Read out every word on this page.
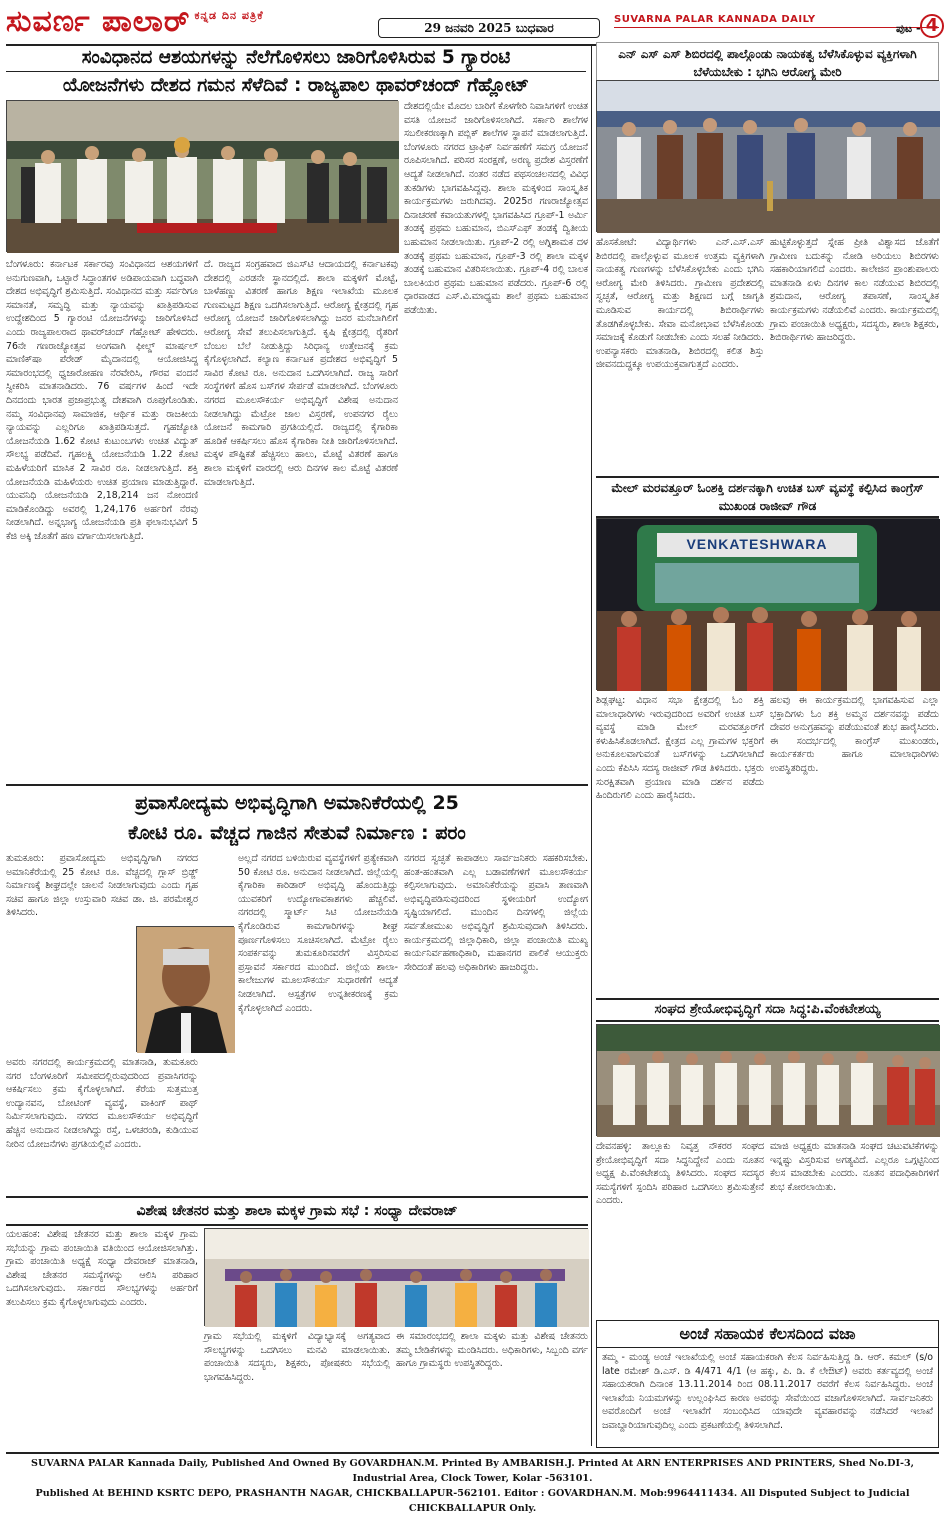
ಸುವರ್ಣ ಪಾಲಾರ್ $^{ಕನ್ನಡ ದಿನ ಪತ್ರಿಕೆ}$
29 ಜನವರಿ 2025 ಬುಧವಾರ
SUVARNA PALAR KANNADA DAILY
ಪುಟ - 4
ಸಂವಿಧಾನದ ಆಶಯಗಳನ್ನು ನೆಲೆಗೊಳಿಸಲು ಜಾರಿಗೊಳಿಸಿರುವ 5 ಗ್ಯಾರಂಟಿ
ಯೋಜನೆಗಳು ದೇಶದ ಗಮನ ಸೆಳೆದಿವೆ : ರಾಜ್ಯಪಾಲ ಥಾವರ್‌ಚಂದ್ ಗೆಹ್ಲೋಟ್
ಬೆಂಗಳೂರು: ಕರ್ನಾಟಕ ಸರ್ಕಾರವು ಸಂವಿಧಾನದ ಆಶಯಗಳಿಗೆ ಅನುಗುಣವಾಗಿ, ಒಟ್ಟಾರೆ ಸಿದ್ಧಾಂತಗಳ ಅಡಿಪಾಯವಾಗಿ ಬದ್ಧವಾಗಿ ದೇಶದ ಅಭಿವೃದ್ಧಿಗೆ ಶ್ರಮಿಸುತ್ತಿದೆ. ಸಂವಿಧಾನದ ಮತ್ತು ಸರ್ವರಿಗೂ ಸಮಾನತೆ, ಸಮೃದ್ಧಿ ಮತ್ತು ನ್ಯಾಯವನ್ನು ಖಾತ್ರಿಪಡಿಸುವ ಉದ್ದೇಶದಿಂದ 5 ಗ್ಯಾರಂಟಿ ಯೋಜನೆಗಳನ್ನು ಜಾರಿಗೊಳಿಸಿದೆ ಎಂದು ರಾಜ್ಯಪಾಲರಾದ ಥಾವರ್‌ಚಂದ್ ಗೆಹ್ಲೋಟ್ ಹೇಳಿದರು. 76ನೇ ಗಣರಾಜ್ಯೋತ್ಸವ ಅಂಗವಾಗಿ ಫೀಲ್ಡ್ ಮಾರ್ಷಲ್ ಮಾಣಿಕ್‌ಷಾ ಪೆರೇಡ್ ಮೈದಾನದಲ್ಲಿ ಆಯೋಜಿಸಿದ್ದ ಸಮಾರಂಭದಲ್ಲಿ ಧ್ವಜಾರೋಹಣ ನೆರವೇರಿಸಿ, ಗೌರವ ವಂದನೆ ಸ್ವೀಕರಿಸಿ ಮಾತನಾಡಿದರು. 76 ವರ್ಷಗಳ ಹಿಂದೆ ಇದೇ ದಿನದಂದು ಭಾರತ ಪ್ರಜಾಪ್ರಭುತ್ವ ದೇಶವಾಗಿ ರೂಪುಗೊಂಡಿತು. ನಮ್ಮ ಸಂವಿಧಾನವು ಸಾಮಾಜಿಕ, ಆರ್ಥಿಕ ಮತ್ತು ರಾಜಕೀಯ ನ್ಯಾಯವನ್ನು ಎಲ್ಲರಿಗೂ ಖಾತ್ರಿಪಡಿಸುತ್ತದೆ. ಗೃಹಜ್ಯೋತಿ ಯೋಜನೆಯಡಿ 1.62 ಕೋಟಿ ಕುಟುಂಬಗಳು ಉಚಿತ ವಿದ್ಯುತ್ ಸೌಲಭ್ಯ ಪಡೆದಿವೆ. ಗೃಹಲಕ್ಷ್ಮಿ ಯೋಜನೆಯಡಿ 1.22 ಕೋಟಿ ಮಹಿಳೆಯರಿಗೆ ಮಾಸಿಕ 2 ಸಾವಿರ ರೂ. ನೀಡಲಾಗುತ್ತಿದೆ. ಶಕ್ತಿ ಯೋಜನೆಯಡಿ ಮಹಿಳೆಯರು ಉಚಿತ ಪ್ರಯಾಣ ಮಾಡುತ್ತಿದ್ದಾರೆ. ಯುವನಿಧಿ ಯೋಜನೆಯಡಿ 2,18,214 ಜನ ನೋಂದಣಿ ಮಾಡಿಕೊಂಡಿದ್ದು ಅವರಲ್ಲಿ 1,24,176 ಅರ್ಹರಿಗೆ ನೆರವು ನೀಡಲಾಗಿದೆ. ಅನ್ನಭಾಗ್ಯ ಯೋಜನೆಯಡಿ ಪ್ರತಿ ಫಲಾನುಭವಿಗೆ 5 ಕೆಜಿ ಅಕ್ಕಿ ಜೊತೆಗೆ ಹಣ ವರ್ಗಾಯಿಸಲಾಗುತ್ತಿದೆ.
ದೆ. ರಾಜ್ಯದ ಸಂಗ್ರಹವಾದ ಜಿಎಸ್‌ಟಿ ಆದಾಯದಲ್ಲಿ ಕರ್ನಾಟಕವು ದೇಶದಲ್ಲಿ ಎರಡನೇ ಸ್ಥಾನದಲ್ಲಿದೆ. ಶಾಲಾ ಮಕ್ಕಳಿಗೆ ಮೊಟ್ಟೆ, ಬಾಳೆಹಣ್ಣು ವಿತರಣೆ ಹಾಗೂ ಶಿಕ್ಷಣ ಇಲಾಖೆಯ ಮೂಲಕ ಗುಣಮಟ್ಟದ ಶಿಕ್ಷಣ ಒದಗಿಸಲಾಗುತ್ತಿದೆ. ಆರೋಗ್ಯ ಕ್ಷೇತ್ರದಲ್ಲಿ ಗೃಹ ಆರೋಗ್ಯ ಯೋಜನೆ ಜಾರಿಗೊಳಿಸಲಾಗಿದ್ದು ಜನರ ಮನೆಬಾಗಿಲಿಗೆ ಆರೋಗ್ಯ ಸೇವೆ ತಲುಪಿಸಲಾಗುತ್ತಿದೆ. ಕೃಷಿ ಕ್ಷೇತ್ರದಲ್ಲಿ ರೈತರಿಗೆ ಬೆಂಬಲ ಬೆಲೆ ನೀಡುತ್ತಿದ್ದು ಸಿರಿಧಾನ್ಯ ಉತ್ತೇಜನಕ್ಕೆ ಕ್ರಮ ಕೈಗೊಳ್ಳಲಾಗಿದೆ. ಕಲ್ಯಾಣ ಕರ್ನಾಟಕ ಪ್ರದೇಶದ ಅಭಿವೃದ್ಧಿಗೆ 5 ಸಾವಿರ ಕೋಟಿ ರೂ. ಅನುದಾನ ಒದಗಿಸಲಾಗಿದೆ. ರಾಜ್ಯ ಸಾರಿಗೆ ಸಂಸ್ಥೆಗಳಿಗೆ ಹೊಸ ಬಸ್‌ಗಳ ಸೇರ್ಪಡೆ ಮಾಡಲಾಗಿದೆ. ಬೆಂಗಳೂರು ನಗರದ ಮೂಲಸೌಕರ್ಯ ಅಭಿವೃದ್ಧಿಗೆ ವಿಶೇಷ ಅನುದಾನ ನೀಡಲಾಗಿದ್ದು ಮೆಟ್ರೋ ಜಾಲ ವಿಸ್ತರಣೆ, ಉಪನಗರ ರೈಲು ಯೋಜನೆ ಕಾಮಗಾರಿ ಪ್ರಗತಿಯಲ್ಲಿದೆ. ರಾಜ್ಯದಲ್ಲಿ ಕೈಗಾರಿಕಾ ಹೂಡಿಕೆ ಆಕರ್ಷಿಸಲು ಹೊಸ ಕೈಗಾರಿಕಾ ನೀತಿ ಜಾರಿಗೊಳಿಸಲಾಗಿದೆ. ಮಕ್ಕಳ ಪೌಷ್ಟಿಕತೆ ಹೆಚ್ಚಿಸಲು ಹಾಲು, ಮೊಟ್ಟೆ ವಿತರಣೆ ಹಾಗೂ ಶಾಲಾ ಮಕ್ಕಳಿಗೆ ವಾರದಲ್ಲಿ ಆರು ದಿನಗಳ ಕಾಲ ಮೊಟ್ಟೆ ವಿತರಣೆ ಮಾಡಲಾಗುತ್ತಿದೆ.
ದೇಶದಲ್ಲಿಯೇ ಮೊದಲ ಬಾರಿಗೆ ಕೊಳಗೇರಿ ನಿವಾಸಿಗಳಿಗೆ ಉಚಿತ ವಸತಿ ಯೋಜನೆ ಜಾರಿಗೊಳಿಸಲಾಗಿದೆ. ಸರ್ಕಾರಿ ಶಾಲೆಗಳ ಸಬಲೀಕರಣಕ್ಕಾಗಿ ಪಬ್ಲಿಕ್ ಶಾಲೆಗಳ ಸ್ಥಾಪನೆ ಮಾಡಲಾಗುತ್ತಿದೆ. ಬೆಂಗಳೂರು ನಗರದ ಟ್ರಾಫಿಕ್ ನಿರ್ವಹಣೆಗೆ ಸಮಗ್ರ ಯೋಜನೆ ರೂಪಿಸಲಾಗಿದೆ. ಪರಿಸರ ಸಂರಕ್ಷಣೆ, ಅರಣ್ಯ ಪ್ರದೇಶ ವಿಸ್ತರಣೆಗೆ ಆದ್ಯತೆ ನೀಡಲಾಗಿದೆ. ನಂತರ ನಡೆದ ಪಥಸಂಚಲನದಲ್ಲಿ ವಿವಿಧ ತುಕಡಿಗಳು ಭಾಗವಹಿಸಿದ್ದವು. ಶಾಲಾ ಮಕ್ಕಳಿಂದ ಸಾಂಸ್ಕೃತಿಕ ಕಾರ್ಯಕ್ರಮಗಳು ಜರುಗಿದವು. 2025ರ ಗಣರಾಜ್ಯೋತ್ಸವ ದಿನಾಚರಣೆ ಕವಾಯತುಗಳಲ್ಲಿ ಭಾಗವಹಿಸಿದ ಗ್ರೂಪ್-1 ಅರ್ಮಿ ತಂಡಕ್ಕೆ ಪ್ರಥಮ ಬಹುಮಾನ, ಬಿಎಸ್‌ಎಫ್ ತಂಡಕ್ಕೆ ದ್ವಿತೀಯ ಬಹುಮಾನ ನೀಡಲಾಯಿತು. ಗ್ರೂಪ್-2 ರಲ್ಲಿ ಅಗ್ನಿಶಾಮಕ ದಳ ತಂಡಕ್ಕೆ ಪ್ರಥಮ ಬಹುಮಾನ, ಗ್ರೂಪ್-3 ರಲ್ಲಿ ಶಾಲಾ ಮಕ್ಕಳ ತಂಡಕ್ಕೆ ಬಹುಮಾನ ವಿತರಿಸಲಾಯಿತು. ಗ್ರೂಪ್-4 ರಲ್ಲಿ ಬಾಲಕ ಬಾಲಕಿಯರ ಪ್ರಥಮ ಬಹುಮಾನ ಪಡೆದರು. ಗ್ರೂಪ್-6 ರಲ್ಲಿ ಧಾರವಾಡದ ಎಸ್.ವಿ.ಮಾಧ್ಯಮ ಶಾಲೆ ಪ್ರಥಮ ಬಹುಮಾನ ಪಡೆಯಿತು.
ಎನ್ ಎಸ್ ಎಸ್ ಶಿಬಿರದಲ್ಲಿ ಪಾಲ್ಗೊಂಡು ನಾಯಕತ್ವ ಬೆಳೆಸಿಕೊಳ್ಳುವ ವ್ಯಕ್ತಿಗಳಾಗಿ ಬೆಳೆಯಬೇಕು : ಭಗಿನಿ ಆರೋಗ್ಯ ಮೇರಿ
ಹೊಸಕೋಟೆ: ವಿದ್ಯಾರ್ಥಿಗಳು ಎನ್.ಎಸ್.ಎಸ್ ಶಿಬಿರದಲ್ಲಿ ಪಾಲ್ಗೊಳ್ಳುವ ಮೂಲಕ ಉತ್ತಮ ವ್ಯಕ್ತಿಗಳಾಗಿ ನಾಯಕತ್ವ ಗುಣಗಳನ್ನು ಬೆಳೆಸಿಕೊಳ್ಳಬೇಕು ಎಂದು ಭಗಿನಿ ಆರೋಗ್ಯ ಮೇರಿ ತಿಳಿಸಿದರು. ಗ್ರಾಮೀಣ ಪ್ರದೇಶದಲ್ಲಿ ಸ್ವಚ್ಛತೆ, ಆರೋಗ್ಯ ಮತ್ತು ಶಿಕ್ಷಣದ ಬಗ್ಗೆ ಜಾಗೃತಿ ಮೂಡಿಸುವ ಕಾರ್ಯದಲ್ಲಿ ಶಿಬಿರಾರ್ಥಿಗಳು ತೊಡಗಿಕೊಳ್ಳಬೇಕು. ಸೇವಾ ಮನೋಭಾವ ಬೆಳೆಸಿಕೊಂಡು ಸಮಾಜಕ್ಕೆ ಕೊಡುಗೆ ನೀಡಬೇಕು ಎಂದು ಸಲಹೆ ನೀಡಿದರು. ಉಪನ್ಯಾಸಕರು ಮಾತನಾಡಿ, ಶಿಬಿರದಲ್ಲಿ ಕಲಿತ ಶಿಸ್ತು ಜೀವನದುದ್ದಕ್ಕೂ ಉಪಯುಕ್ತವಾಗುತ್ತದೆ ಎಂದರು.
ಹುಟ್ಟಿಕೊಳ್ಳುತ್ತದೆ ಸ್ನೇಹ ಪ್ರೀತಿ ವಿಶ್ವಾಸದ ಜೊತೆಗೆ ಗ್ರಾಮೀಣ ಬದುಕನ್ನು ನೋಡಿ ಅರಿಯಲು ಶಿಬಿರಗಳು ಸಹಕಾರಿಯಾಗಲಿದೆ ಎಂದರು. ಕಾಲೇಜಿನ ಪ್ರಾಂಶುಪಾಲರು ಮಾತನಾಡಿ ಏಳು ದಿನಗಳ ಕಾಲ ನಡೆಯುವ ಶಿಬಿರದಲ್ಲಿ ಶ್ರಮದಾನ, ಆರೋಗ್ಯ ತಪಾಸಣೆ, ಸಾಂಸ್ಕೃತಿಕ ಕಾರ್ಯಕ್ರಮಗಳು ನಡೆಯಲಿವೆ ಎಂದರು. ಕಾರ್ಯಕ್ರಮದಲ್ಲಿ ಗ್ರಾಮ ಪಂಚಾಯಿತಿ ಅಧ್ಯಕ್ಷರು, ಸದಸ್ಯರು, ಶಾಲಾ ಶಿಕ್ಷಕರು, ಶಿಬಿರಾರ್ಥಿಗಳು ಹಾಜರಿದ್ದರು.
ಮೇಲ್ ಮರವತ್ತೂರ್ ಓಂಶಕ್ತಿ ದರ್ಶನಕ್ಕಾಗಿ ಉಚಿತ ಬಸ್ ವ್ಯವಸ್ಥೆ ಕಲ್ಪಿಸಿದ ಕಾಂಗ್ರೆಸ್ ಮುಖಂಡ ರಾಜೀವ್ ಗೌಡ
VENKATESHWARA
ಶಿಡ್ಲಘಟ್ಟ: ವಿಧಾನ ಸಭಾ ಕ್ಷೇತ್ರದಲ್ಲಿ ಓಂ ಶಕ್ತಿ ಮಾಲಾಧಾರಿಗಳು ಇರುವುದರಿಂದ ಅವರಿಗೆ ಉಚಿತ ಬಸ್ ವ್ಯವಸ್ಥೆ ಮಾಡಿ ಮೇಲ್ ಮರವತ್ತೂರ್‌ಗೆ ಕಳುಹಿಸಿಕೊಡಲಾಗಿದೆ. ಕ್ಷೇತ್ರದ ಎಲ್ಲ ಗ್ರಾಮಗಳ ಭಕ್ತರಿಗೆ ಅನುಕೂಲವಾಗುವಂತೆ ಬಸ್‌ಗಳನ್ನು ಒದಗಿಸಲಾಗಿದೆ ಎಂದು ಕೆಪಿಸಿಸಿ ಸದಸ್ಯ ರಾಜೀವ್ ಗೌಡ ತಿಳಿಸಿದರು. ಭಕ್ತರು ಸುರಕ್ಷಿತವಾಗಿ ಪ್ರಯಾಣ ಮಾಡಿ ದರ್ಶನ ಪಡೆದು ಹಿಂದಿರುಗಲಿ ಎಂದು ಹಾರೈಸಿದರು.
ಹಲವು ಈ ಕಾರ್ಯಕ್ರಮದಲ್ಲಿ ಭಾಗವಹಿಸುವ ಎಲ್ಲಾ ಭಕ್ತಾದಿಗಳು ಓಂ ಶಕ್ತಿ ಅಮ್ಮನ ದರ್ಶನವನ್ನು ಪಡೆದು ದೇವರ ಅನುಗ್ರಹವನ್ನು ಪಡೆಯುವಂತೆ ಶುಭ ಹಾರೈಸಿದರು. ಈ ಸಂದರ್ಭದಲ್ಲಿ ಕಾಂಗ್ರೆಸ್ ಮುಖಂಡರು, ಕಾರ್ಯಕರ್ತರು ಹಾಗೂ ಮಾಲಾಧಾರಿಗಳು ಉಪಸ್ಥಿತರಿದ್ದರು.
ಸಂಘದ ಶ್ರೇಯೋಭಿವೃದ್ಧಿಗೆ ಸದಾ ಸಿದ್ಧ:ಪಿ.ವೆಂಕಟೇಶಯ್ಯ
ದೇವನಹಳ್ಳಿ: ತಾಲ್ಲೂಕು ನಿವೃತ್ತ ನೌಕರರ ಸಂಘದ ಶ್ರೇಯೋಭಿವೃದ್ಧಿಗೆ ಸದಾ ಸಿದ್ಧನಿದ್ದೇನೆ ಎಂದು ನೂತನ ಅಧ್ಯಕ್ಷ ಪಿ.ವೆಂಕಟೇಶಯ್ಯ ತಿಳಿಸಿದರು. ಸಂಘದ ಸದಸ್ಯರ ಸಮಸ್ಯೆಗಳಿಗೆ ಸ್ಪಂದಿಸಿ ಪರಿಹಾರ ಒದಗಿಸಲು ಶ್ರಮಿಸುತ್ತೇನೆ ಎಂದರು.
ಮಾಜಿ ಅಧ್ಯಕ್ಷರು ಮಾತನಾಡಿ ಸಂಘದ ಚಟುವಟಿಕೆಗಳನ್ನು ಇನ್ನಷ್ಟು ವಿಸ್ತರಿಸುವ ಅಗತ್ಯವಿದೆ. ಎಲ್ಲರೂ ಒಗ್ಗಟ್ಟಿನಿಂದ ಕೆಲಸ ಮಾಡಬೇಕು ಎಂದರು. ನೂತನ ಪದಾಧಿಕಾರಿಗಳಿಗೆ ಶುಭ ಕೋರಲಾಯಿತು.
ಅಂಚೆ ಸಹಾಯಕ ಕೆಲಸದಿಂದ ವಜಾ
ತಮ್ಮ - ಮಂಡ್ಯ ಅಂಚೆ ಇಲಾಖೆಯಲ್ಲಿ ಅಂಚೆ ಸಹಾಯಕರಾಗಿ ಕೆಲಸ ನಿರ್ವಹಿಸುತ್ತಿದ್ದ ಡಿ. ಆರ್. ಕಮಲ್ (s/o late ರಮೇಶ್ ಡಿ.ಎಸ್. ಡಿ 4/471 4/1 (ಆ ಹಕ್ಕು, ಪಿ. ಡಿ. ಕೆ ಲೇಔಟ್) ಅವರು ಕರ್ತವ್ಯದಲ್ಲಿ ಅಂಚೆ ಸಹಾಯಕರಾಗಿ ದಿನಾಂಕ 13.11.2014 ರಿಂದ 08.11.2017 ರವರೆಗೆ ಕೆಲಸ ನಿರ್ವಹಿಸಿದ್ದರು. ಅಂಚೆ ಇಲಾಖೆಯ ನಿಯಮಗಳನ್ನು ಉಲ್ಲಂಘಿಸಿದ ಕಾರಣ ಅವರನ್ನು ಸೇವೆಯಿಂದ ವಜಾಗೊಳಿಸಲಾಗಿದೆ. ಸಾರ್ವಜನಿಕರು ಅವರೊಂದಿಗೆ ಅಂಚೆ ಇಲಾಖೆಗೆ ಸಂಬಂಧಿಸಿದ ಯಾವುದೇ ವ್ಯವಹಾರವನ್ನು ನಡೆಸಿದರೆ ಇಲಾಖೆ ಜವಾಬ್ದಾರಿಯಾಗುವುದಿಲ್ಲ ಎಂದು ಪ್ರಕಟಣೆಯಲ್ಲಿ ತಿಳಿಸಲಾಗಿದೆ.
ಪ್ರವಾಸೋದ್ಯಮ ಅಭಿವೃದ್ಧಿಗಾಗಿ ಅಮಾನಿಕೆರೆಯಲ್ಲಿ 25
ಕೋಟಿ ರೂ. ವೆಚ್ಚದ ಗಾಜಿನ ಸೇತುವೆ ನಿರ್ಮಾಣ : ಪರಂ
ತುಮಕೂರು: ಪ್ರವಾಸೋದ್ಯಮ ಅಭಿವೃದ್ಧಿಗಾಗಿ ನಗರದ ಅಮಾನಿಕೆರೆಯಲ್ಲಿ 25 ಕೋಟಿ ರೂ. ವೆಚ್ಚದಲ್ಲಿ ಗ್ಲಾಸ್ ಬ್ರಿಡ್ಜ್ ನಿರ್ಮಾಣಕ್ಕೆ ಶೀಘ್ರದಲ್ಲೇ ಚಾಲನೆ ನೀಡಲಾಗುವುದು ಎಂದು ಗೃಹ ಸಚಿವ ಹಾಗೂ ಜಿಲ್ಲಾ ಉಸ್ತುವಾರಿ ಸಚಿವ ಡಾ. ಜಿ. ಪರಮೇಶ್ವರ ತಿಳಿಸಿದರು.
ಅವರು ನಗರದಲ್ಲಿ ಕಾರ್ಯಕ್ರಮದಲ್ಲಿ ಮಾತನಾಡಿ, ತುಮಕೂರು ನಗರ ಬೆಂಗಳೂರಿಗೆ ಸಮೀಪದಲ್ಲಿರುವುದರಿಂದ ಪ್ರವಾಸಿಗರನ್ನು ಆಕರ್ಷಿಸಲು ಕ್ರಮ ಕೈಗೊಳ್ಳಲಾಗಿದೆ. ಕೆರೆಯ ಸುತ್ತಮುತ್ತ ಉದ್ಯಾನವನ, ಬೋಟಿಂಗ್ ವ್ಯವಸ್ಥೆ, ವಾಕಿಂಗ್ ಪಾಥ್ ನಿರ್ಮಿಸಲಾಗುವುದು. ನಗರದ ಮೂಲಸೌಕರ್ಯ ಅಭಿವೃದ್ಧಿಗೆ ಹೆಚ್ಚಿನ ಅನುದಾನ ನೀಡಲಾಗಿದ್ದು ರಸ್ತೆ, ಒಳಚರಂಡಿ, ಕುಡಿಯುವ ನೀರಿನ ಯೋಜನೆಗಳು ಪ್ರಗತಿಯಲ್ಲಿವೆ ಎಂದರು.
ಅಲ್ಲದೆ ನಗರದ ಬಳಿಯಿರುವ ವ್ಯವಸ್ಥೆಗಳಿಗೆ ಪ್ರತ್ಯೇಕವಾಗಿ 50 ಕೋಟಿ ರೂ. ಅನುದಾನ ನೀಡಲಾಗಿದೆ. ಜಿಲ್ಲೆಯಲ್ಲಿ ಕೈಗಾರಿಕಾ ಕಾರಿಡಾರ್ ಅಭಿವೃದ್ಧಿ ಹೊಂದುತ್ತಿದ್ದು ಯುವಕರಿಗೆ ಉದ್ಯೋಗಾವಕಾಶಗಳು ಹೆಚ್ಚಲಿವೆ. ನಗರದಲ್ಲಿ ಸ್ಮಾರ್ಟ್ ಸಿಟಿ ಯೋಜನೆಯಡಿ ಕೈಗೊಂಡಿರುವ ಕಾಮಗಾರಿಗಳನ್ನು ಶೀಘ್ರ ಪೂರ್ಣಗೊಳಿಸಲು ಸೂಚಿಸಲಾಗಿದೆ. ಮೆಟ್ರೋ ರೈಲು ಸಂಪರ್ಕವನ್ನು ತುಮಕೂರಿನವರೆಗೆ ವಿಸ್ತರಿಸುವ ಪ್ರಸ್ತಾವನೆ ಸರ್ಕಾರದ ಮುಂದಿದೆ. ಜಿಲ್ಲೆಯ ಶಾಲಾ-ಕಾಲೇಜುಗಳ ಮೂಲಸೌಕರ್ಯ ಸುಧಾರಣೆಗೆ ಆದ್ಯತೆ ನೀಡಲಾಗಿದೆ. ಆಸ್ಪತ್ರೆಗಳ ಉನ್ನತೀಕರಣಕ್ಕೆ ಕ್ರಮ ಕೈಗೊಳ್ಳಲಾಗಿದೆ ಎಂದರು.
ನಗರದ ಸ್ವಚ್ಛತೆ ಕಾಪಾಡಲು ಸಾರ್ವಜನಿಕರು ಸಹಕರಿಸಬೇಕು. ಹಂತ-ಹಂತವಾಗಿ ಎಲ್ಲ ಬಡಾವಣೆಗಳಿಗೆ ಮೂಲಸೌಕರ್ಯ ಕಲ್ಪಿಸಲಾಗುವುದು. ಅಮಾನಿಕೆರೆಯನ್ನು ಪ್ರವಾಸಿ ತಾಣವಾಗಿ ಅಭಿವೃದ್ಧಿಪಡಿಸುವುದರಿಂದ ಸ್ಥಳೀಯರಿಗೆ ಉದ್ಯೋಗ ಸೃಷ್ಟಿಯಾಗಲಿದೆ. ಮುಂದಿನ ದಿನಗಳಲ್ಲಿ ಜಿಲ್ಲೆಯ ಸರ್ವತೋಮುಖ ಅಭಿವೃದ್ಧಿಗೆ ಶ್ರಮಿಸುವುದಾಗಿ ತಿಳಿಸಿದರು. ಕಾರ್ಯಕ್ರಮದಲ್ಲಿ ಜಿಲ್ಲಾಧಿಕಾರಿ, ಜಿಲ್ಲಾ ಪಂಚಾಯಿತಿ ಮುಖ್ಯ ಕಾರ್ಯನಿರ್ವಹಣಾಧಿಕಾರಿ, ಮಹಾನಗರ ಪಾಲಿಕೆ ಆಯುಕ್ತರು ಸೇರಿದಂತೆ ಹಲವು ಅಧಿಕಾರಿಗಳು ಹಾಜರಿದ್ದರು.
ವಿಶೇಷ ಚೇತನರ ಮತ್ತು ಶಾಲಾ ಮಕ್ಕಳ ಗ್ರಾಮ ಸಭೆ : ಸಂಧ್ಯಾ ದೇವರಾಜ್
ಯಲಹಂಕ: ವಿಶೇಷ ಚೇತನರ ಮತ್ತು ಶಾಲಾ ಮಕ್ಕಳ ಗ್ರಾಮ ಸಭೆಯನ್ನು ಗ್ರಾಮ ಪಂಚಾಯಿತಿ ವತಿಯಿಂದ ಆಯೋಜಿಸಲಾಗಿತ್ತು. ಗ್ರಾಮ ಪಂಚಾಯಿತಿ ಅಧ್ಯಕ್ಷೆ ಸಂಧ್ಯಾ ದೇವರಾಜ್ ಮಾತನಾಡಿ, ವಿಶೇಷ ಚೇತನರ ಸಮಸ್ಯೆಗಳನ್ನು ಆಲಿಸಿ ಪರಿಹಾರ ಒದಗಿಸಲಾಗುವುದು. ಸರ್ಕಾರದ ಸೌಲಭ್ಯಗಳನ್ನು ಅರ್ಹರಿಗೆ ತಲುಪಿಸಲು ಕ್ರಮ ಕೈಗೊಳ್ಳಲಾಗುವುದು ಎಂದರು.
ಗ್ರಾಮ ಸಭೆಯಲ್ಲಿ ಮಕ್ಕಳಿಗೆ ವಿದ್ಯಾಭ್ಯಾಸಕ್ಕೆ ಅಗತ್ಯವಾದ ಸೌಲಭ್ಯಗಳನ್ನು ಒದಗಿಸಲು ಮನವಿ ಮಾಡಲಾಯಿತು. ಪಂಚಾಯಿತಿ ಸದಸ್ಯರು, ಶಿಕ್ಷಕರು, ಪೋಷಕರು ಸಭೆಯಲ್ಲಿ ಭಾಗವಹಿಸಿದ್ದರು.
ಈ ಸಮಾರಂಭದಲ್ಲಿ ಶಾಲಾ ಮಕ್ಕಳು ಮತ್ತು ವಿಶೇಷ ಚೇತನರು ತಮ್ಮ ಬೇಡಿಕೆಗಳನ್ನು ಮಂಡಿಸಿದರು. ಅಧಿಕಾರಿಗಳು, ಸಿಬ್ಬಂದಿ ವರ್ಗ ಹಾಗೂ ಗ್ರಾಮಸ್ಥರು ಉಪಸ್ಥಿತರಿದ್ದರು.
SUVARNA PALAR Kannada Daily, Published And Owned By GOVARDHAN.M. Printed By AMBARISH.J. Printed At ARN ENTERPRISES AND PRINTERS, Shed No.DI-3, Industrial Area, Clock Tower, Kolar -563101.
Published At BEHIND KSRTC DEPO, PRASHANTH NAGAR, CHICKBALLAPUR-562101. Editor : GOVARDHAN.M. Mob:9964411434. All Disputed Subject to Judicial CHICKBALLAPUR Only.
